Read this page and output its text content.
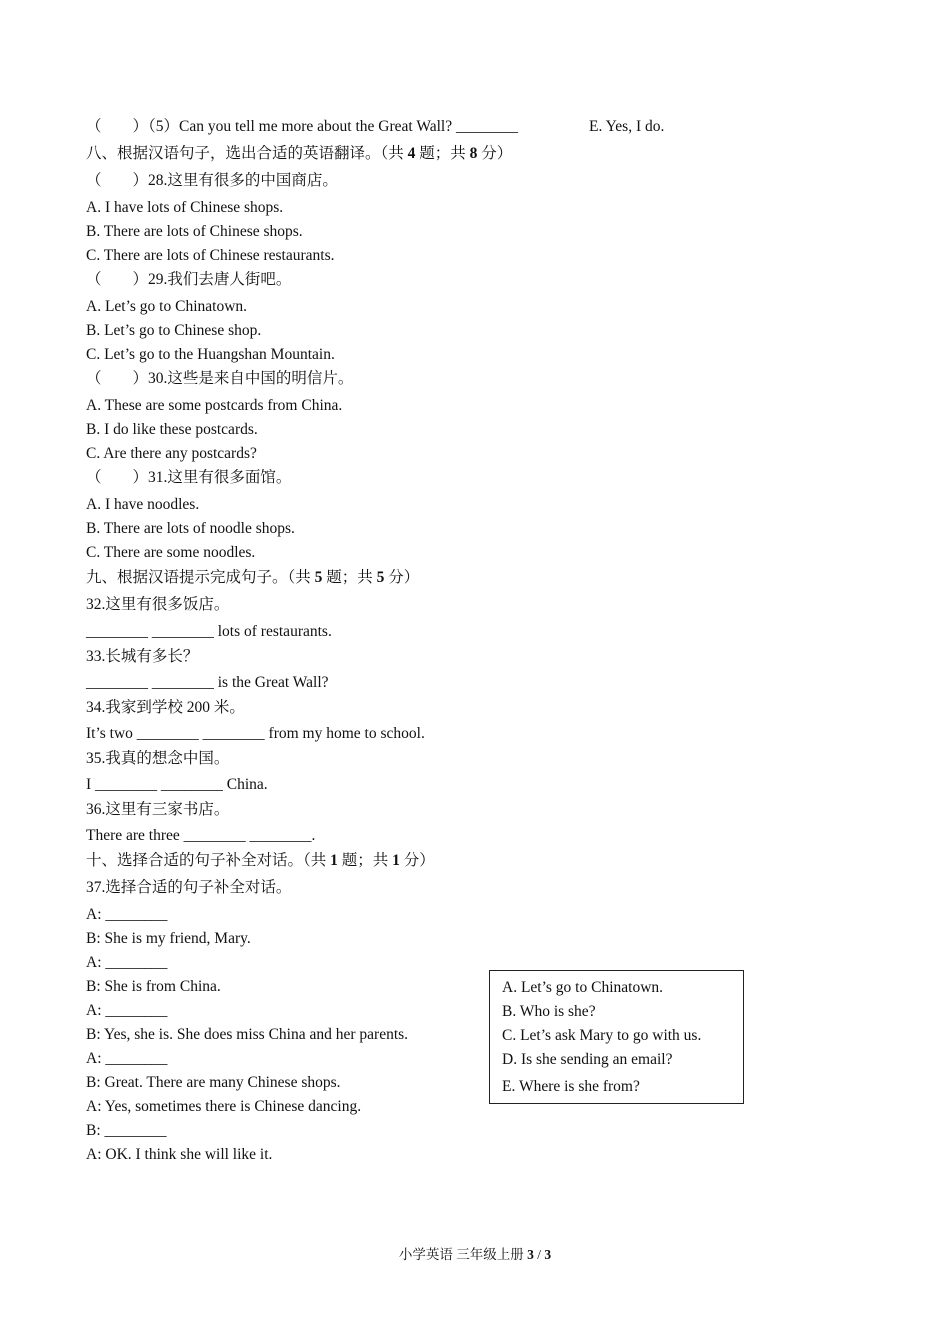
（　　）（5）Can you tell me more about the Great Wall? ________	E. Yes, I do.
八、根据汉语句子，选出合适的英语翻译。（共 4 题；共 8 分）
（　　）28.这里有很多的中国商店。
A. I have lots of Chinese shops.
B. There are lots of Chinese shops.
C. There are lots of Chinese restaurants.
（　　）29.我们去唐人街吧。
A. Let’s go to Chinatown.
B. Let’s go to Chinese shop.
C. Let’s go to the Huangshan Mountain.
（　　）30.这些是来自中国的明信片。
A. These are some postcards from China.
B. I do like these postcards.
C. Are there any postcards?
（　　）31.这里有很多面馆。
A. I have noodles.
B. There are lots of noodle shops.
C. There are some noodles.
九、根据汉语提示完成句子。（共 5 题；共 5 分）
32.这里有很多饭店。
________ ________ lots of restaurants.
33.长城有多长？
________ ________ is the Great Wall?
34.我家到学校 200 米。
It’s two ________ ________ from my home to school.
35.我真的想念中国。
I ________ ________ China.
36.这里有三家书店。
There are three ________ ________.
十、选择合适的句子补全对话。（共 1 题；共 1 分）
37.选择合适的句子补全对话。
A: ________
B: She is my friend, Mary.
A: ________
B: She is from China.
A: ________
B: Yes, she is. She does miss China and her parents.
A: ________
B: Great. There are many Chinese shops.
A: Yes, sometimes there is Chinese dancing.
B: ________
A: OK. I think she will like it.
A. Let’s go to Chinatown.
B. Who is she?
C. Let’s ask Mary to go with us.
D. Is she sending an email?
E. Where is she from?
小学英语 三年级上册 3 / 3
